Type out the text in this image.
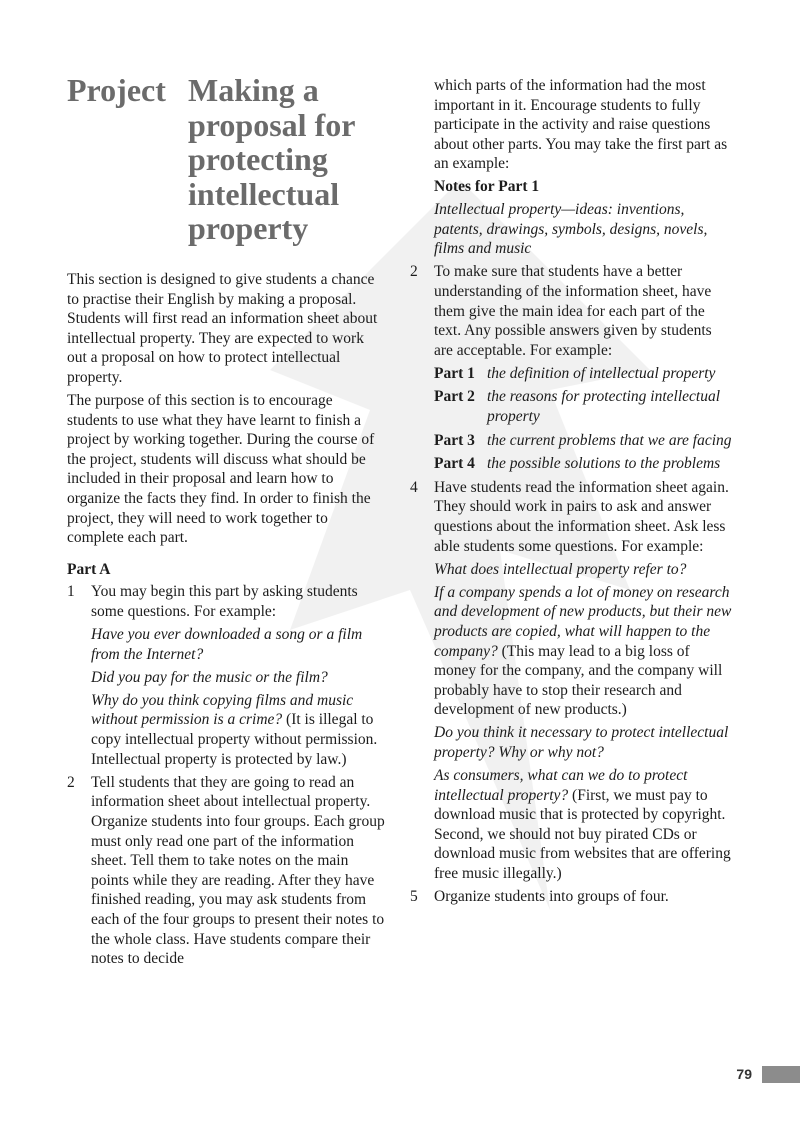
Project Making a proposal for protecting intellectual property

This section is designed to give students a chance to practise their English by making a proposal. Students will first read an information sheet about intellectual property. They are expected to work out a proposal on how to protect intellectual property.

The purpose of this section is to encourage students to use what they have learnt to finish a project by working together. During the course of the project, students will discuss what should be included in their proposal and learn how to organize the facts they find. In order to finish the project, they will need to work together to complete each part.

Part A
1 You may begin this part by asking students some questions. For example:

Have you ever downloaded a song or a film from the Internet?

Did you pay for the music or the film?

Why do you think copying films and music without permission is a crime? (It is illegal to copy intellectual property without permission. Intellectual property is protected by law.)

2 Tell students that they are going to read an information sheet about intellectual property. Organize students into four groups. Each group must only read one part of the information sheet. Tell them to take notes on the main points while they are reading. After they have finished reading, you may ask students from each of the four groups to present their notes to the whole class. Have students compare their notes to decide

which parts of the information had the most important in it. Encourage students to fully participate in the activity and raise questions about other parts. You may take the first part as an example:

Notes for Part 1

Intellectual property—ideas: inventions, patents, drawings, symbols, designs, novels, films and music

2 To make sure that students have a better understanding of the information sheet, have them give the main idea for each part of the text. Any possible answers given by students are acceptable. For example:

Part 1 the definition of intellectual property
Part 2 the reasons for protecting intellectual property
Part 3 the current problems that we are facing
Part 4 the possible solutions to the problems
4 Have students read the information sheet again. They should work in pairs to ask and answer questions about the information sheet. Ask less able students some questions. For example:

What does intellectual property refer to?

If a company spends a lot of money on research and development of new products, but their new products are copied, what will happen to the company? (This may lead to a big loss of money for the company, and the company will probably have to stop their research and development of new products.)

Do you think it necessary to protect intellectual property? Why or why not?

As consumers, what can we do to protect intellectual property? (First, we must pay to download music that is protected by copyright. Second, we should not buy pirated CDs or download music from websites that are offering free music illegally.)

5 Organize students into groups of four.

79
